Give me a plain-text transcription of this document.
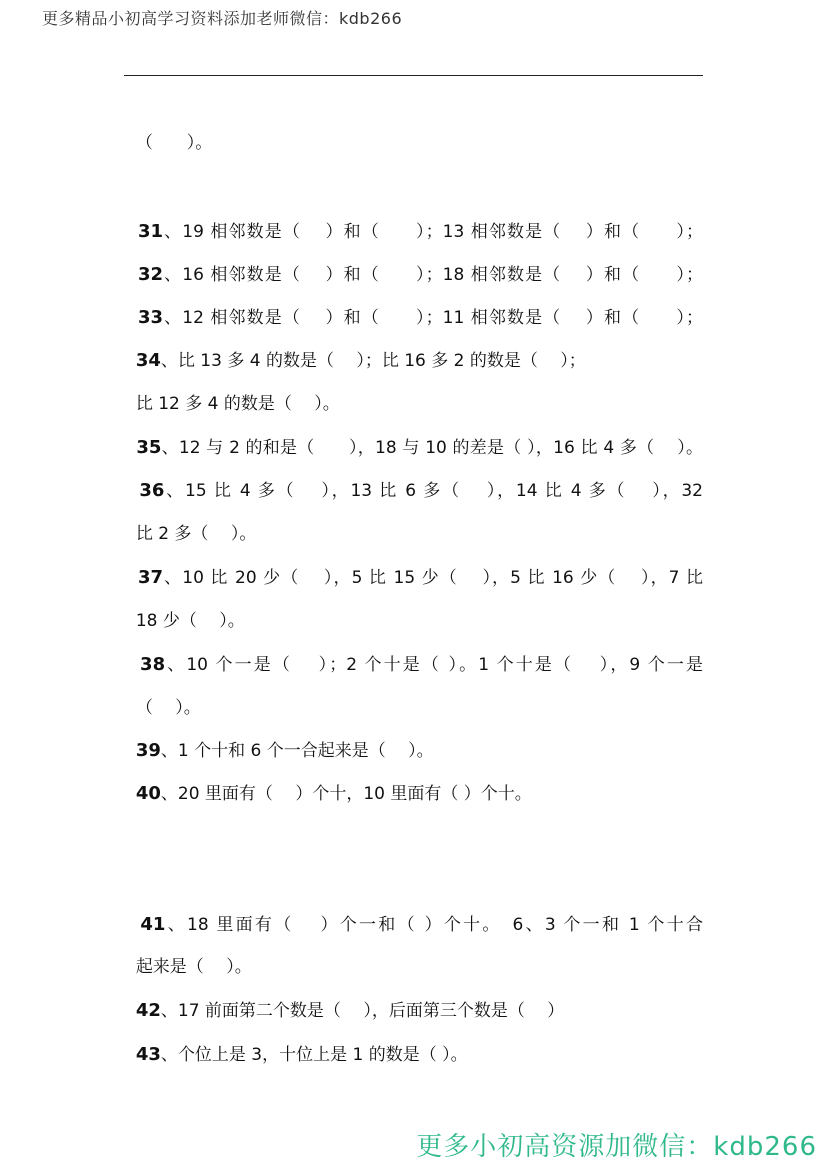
更多精品小初高学习资料添加老师微信：kdb266

（　　）。

31、19 相邻数是（　 ）和（　　）；13 相邻数是（　 ）和（　　）；

32、16 相邻数是（　 ）和（　　）；18 相邻数是（　 ）和（　　）；

33、12 相邻数是（　 ）和（　　）；11 相邻数是（　 ）和（　　）；

34、比 13 多 4 的数是（　 ）；比 16 多 2 的数是（　 ）；

比 12 多 4 的数是（　 ）。

35、12 与 2 的和是（　　），18 与 10 的差是（ ），16 比 4 多（　 ）。

36、15 比 4 多（　 ），13 比 6 多（　 ），14 比 4 多（　 ），32

比 2 多（　 ）。

37、10 比 20 少（　 ），5 比 15 少（　 ），5 比 16 少（　 ），7 比

18 少（　 ）。

38、10 个一是（　 ）；2 个十是（ ）。1 个十是（　 ），9 个一是

（　 ）。

39、1 个十和 6 个一合起来是（　 ）。

40、20 里面有（　 ）个十，10 里面有（ ）个十。

41、18 里面有（　 ）个一和（ ）个十。　6、3 个一和 1 个十合

起来是（　 ）。

42、17 前面第二个数是（　 ），后面第三个数是（　 ）

43、个位上是 3，十位上是 1 的数是（ ）。

更多小初高资源加微信：kdb266
